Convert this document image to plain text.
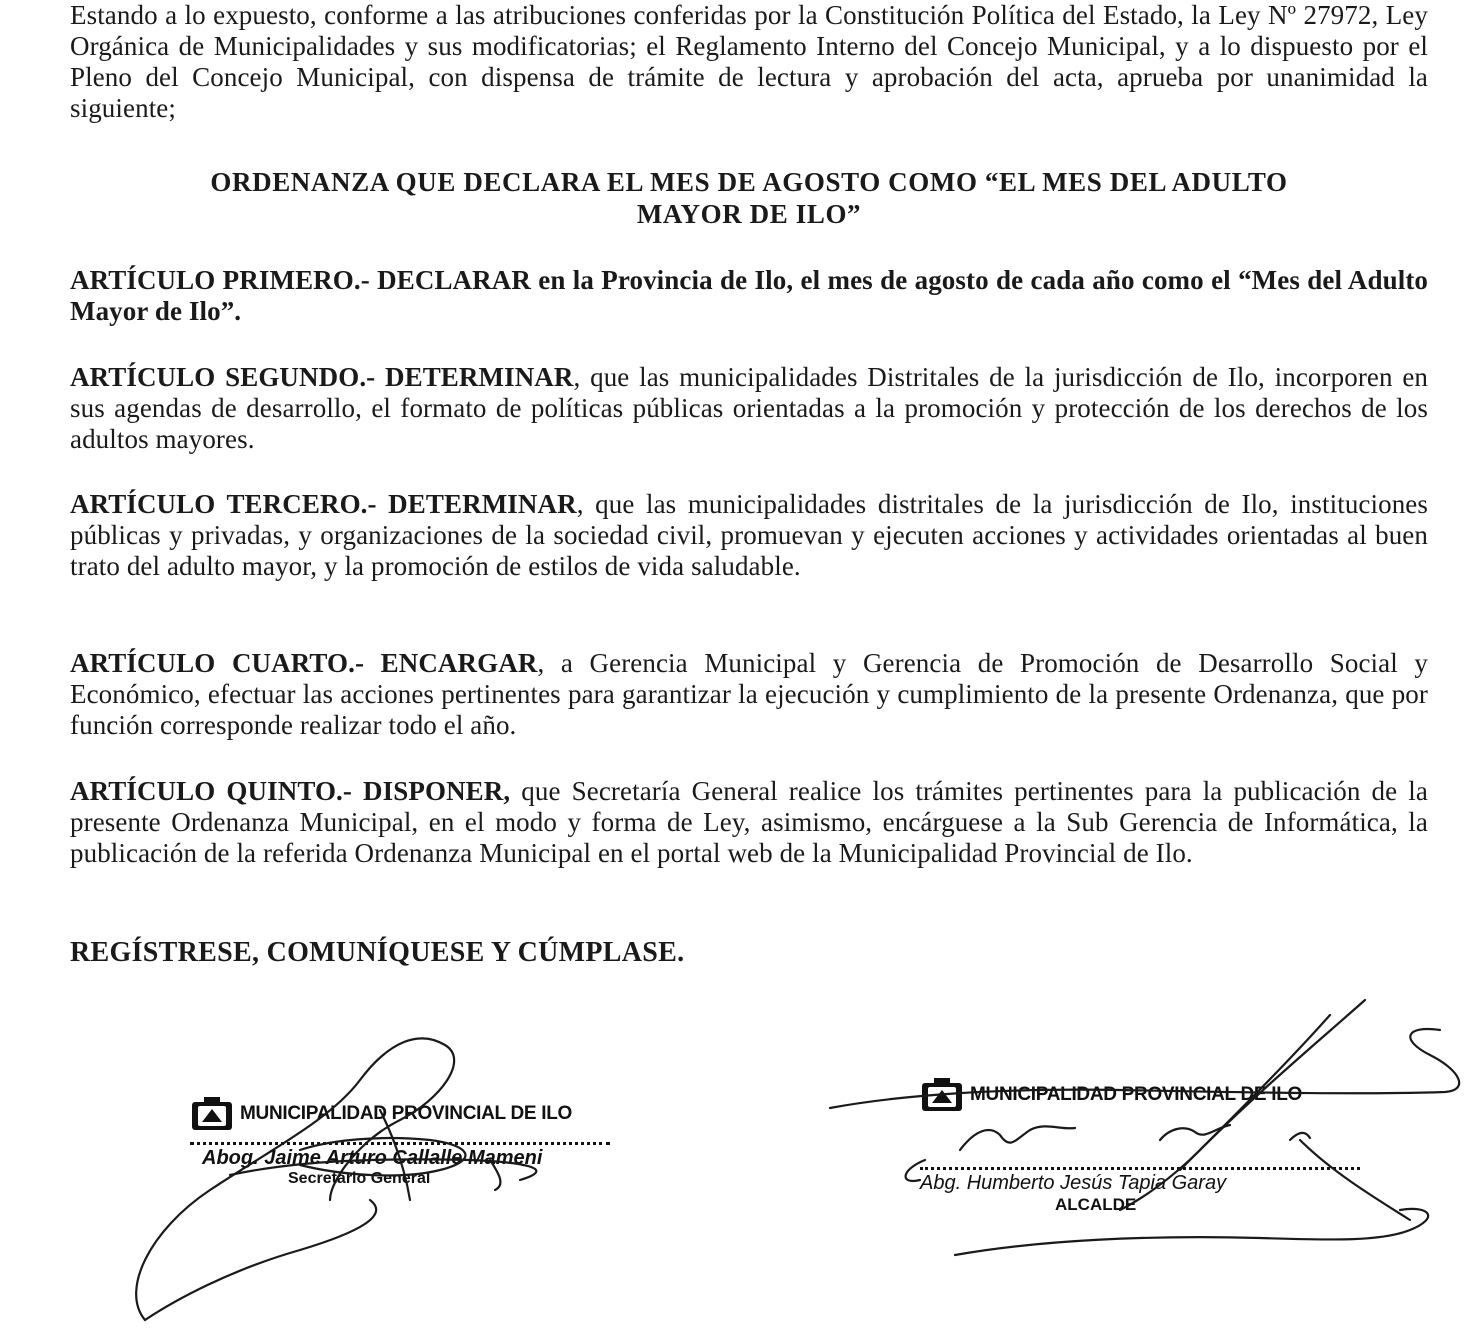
Estando a lo expuesto, conforme a las atribuciones conferidas por la Constitución Política del Estado, la Ley Nº 27972, Ley Orgánica de Municipalidades y sus modificatorias; el Reglamento Interno del Concejo Municipal, y a lo dispuesto por el Pleno del Concejo Municipal, con dispensa de trámite de lectura y aprobación del acta, aprueba por unanimidad la siguiente;

ORDENANZA QUE DECLARA EL MES DE AGOSTO COMO “EL MES DEL ADULTO
MAYOR DE ILO”

ARTÍCULO PRIMERO.- DECLARAR en la Provincia de Ilo, el mes de agosto de cada año como el “Mes del Adulto Mayor de Ilo”.

ARTÍCULO SEGUNDO.- DETERMINAR, que las municipalidades Distritales de la jurisdicción de Ilo, incorporen en sus agendas de desarrollo, el formato de políticas públicas orientadas a la promoción y protección de los derechos de los adultos mayores.

ARTÍCULO TERCERO.- DETERMINAR, que las municipalidades distritales de la jurisdicción de Ilo, instituciones públicas y privadas, y organizaciones de la sociedad civil, promuevan y ejecuten acciones y actividades orientadas al buen trato del adulto mayor, y la promoción de estilos de vida saludable.

ARTÍCULO CUARTO.- ENCARGAR, a Gerencia Municipal y Gerencia de Promoción de Desarrollo Social y Económico, efectuar las acciones pertinentes para garantizar la ejecución y cumplimiento de la presente Ordenanza, que por función corresponde realizar todo el año.

ARTÍCULO QUINTO.- DISPONER, que Secretaría General realice los trámites pertinentes para la publicación de la presente Ordenanza Municipal, en el modo y forma de Ley, asimismo, encárguese a la Sub Gerencia de Informática, la publicación de la referida Ordenanza Municipal en el portal web de la Municipalidad Provincial de Ilo.

REGÍSTRESE, COMUNÍQUESE Y CÚMPLASE.
MUNICIPALIDAD PROVINCIAL DE ILO
Abog. Jaime Arturo Callalle Mameni
Secretario General
MUNICIPALIDAD PROVINCIAL DE ILO
Abg. Humberto Jesús Tapia Garay
ALCALDE
